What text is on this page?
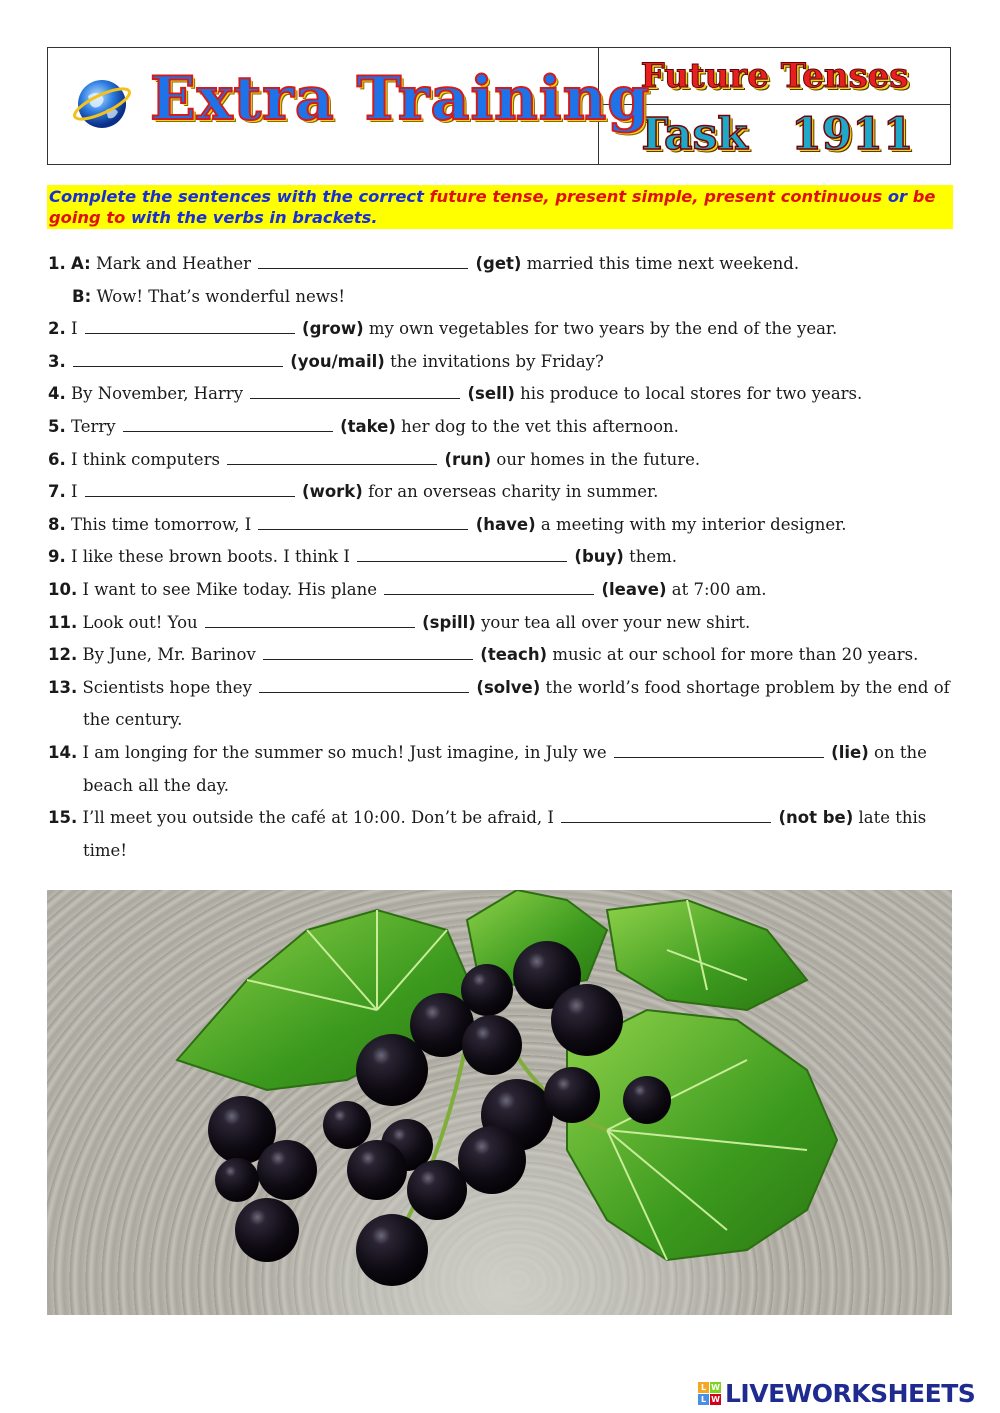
Extra Training
Future Tenses
Task 1911
Complete the sentences with the correct future tense, present simple, present continuous or be going to with the verbs in brackets.
1. A: Mark and Heather	(get) married this time next weekend.
B: Wow! That’s wonderful news!
2. I	(grow) my own vegetables for two years by the end of the year.
3.	(you/mail) the invitations by Friday?
4. By November, Harry	(sell) his produce to local stores for two years.
5. Terry	(take) her dog to the vet this afternoon.
6. I think computers	(run) our homes in the future.
7. I	(work) for an overseas charity in summer.
8. This time tomorrow, I	(have) a meeting with my interior designer.
9. I like these brown boots. I think I	(buy) them.
10. I want to see Mike today. His plane	(leave) at 7:00 am.
11. Look out! You	(spill) your tea all over your new shirt.
12. By June, Mr. Barinov	(teach) music at our school for more than 20 years.
13. Scientists hope they	(solve) the world’s food shortage problem by the end of the century.
14. I am longing for the summer so much! Just imagine, in July we	(lie) on the beach all the day.
15. I’ll meet you outside the café at 10:00. Don’t be afraid, I	(not be) late this time!
L W
L W LIVEWORKSHEETS
